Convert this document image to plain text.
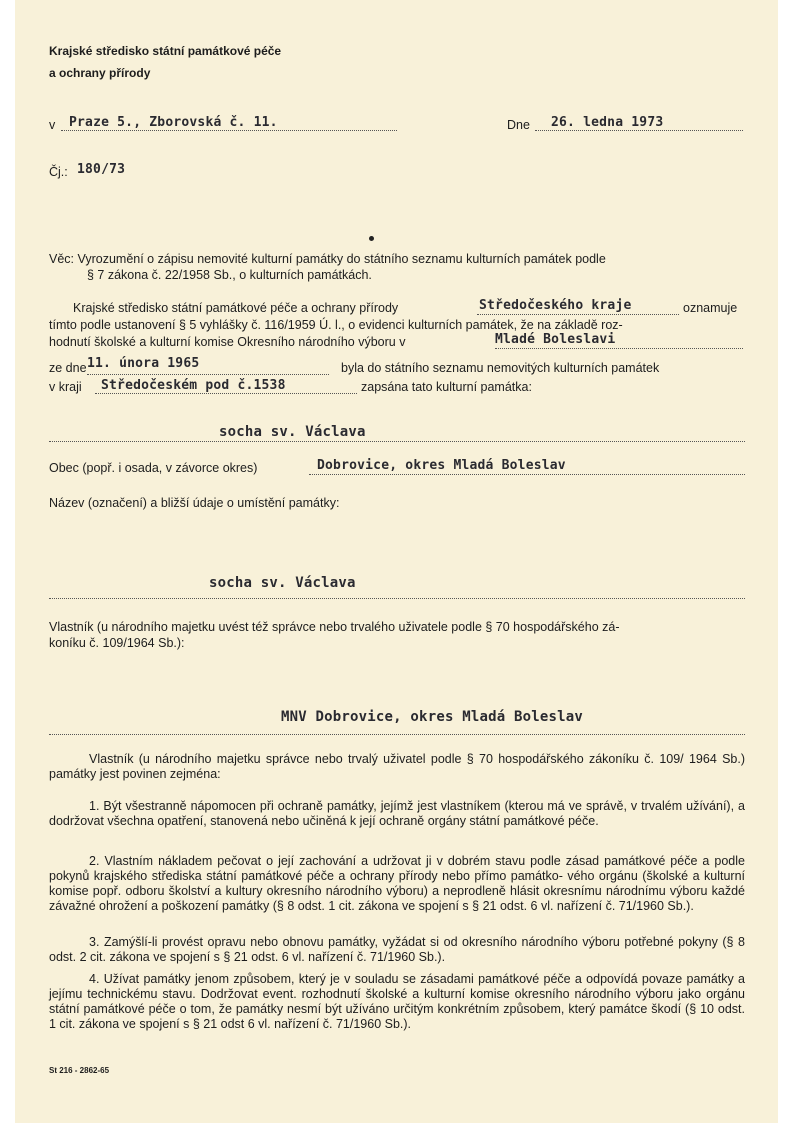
Krajské středisko státní památkové péče
a ochrany přírody
v Praze 5., Zborovská č. 11.	Dne 26. ledna 1973
Čj.: 180/73
Věc: Vyrozumění o zápisu nemovité kulturní památky do státního seznamu kulturních památek podle
§ 7 zákona č. 22/1958 Sb., o kulturních památkách.
Krajské středisko státní památkové péče a ochrany přírody	Středočeského kraje	oznamuje
tímto podle ustanovení § 5 vyhlášky č. 116/1959 Ú. l., o evidenci kulturních památek, že na základě roz-
hodnutí školské a kulturní komise Okresního národního výboru v	Mladé Boleslavi
ze dne 11. února 1965	byla do státního seznamu nemovitých kulturních památek
v kraji Středočeském pod č.1538	zapsána tato kulturní památka:
socha sv. Václava
Obec (popř. i osada, v závorce okres)	Dobrovice, okres Mladá Boleslav
Název (označení) a bližší údaje o umístění památky:
socha sv. Václava
Vlastník (u národního majetku uvést též správce nebo trvalého uživatele podle § 70 hospodářského zá-
koníku č. 109/1964 Sb.):
MNV Dobrovice, okres Mladá Boleslav
Vlastník (u národního majetku správce nebo trvalý uživatel podle § 70 hospodářského zákoníku č. 109/ 1964 Sb.) památky jest povinen zejména:
1. Být všestranně nápomocen při ochraně památky, jejímž jest vlastníkem (kterou má ve správě, v trvalém užívání), a dodržovat všechna opatření, stanovená nebo učiněná k její ochraně orgány státní památkové péče.
2. Vlastním nákladem pečovat o její zachování a udržovat ji v dobrém stavu podle zásad památkové péče a podle pokynů krajského střediska státní památkové péče a ochrany přírody nebo přímo památko- vého orgánu (školské a kulturní komise popř. odboru školství a kultury okresního národního výboru) a neprodleně hlásit okresnímu národnímu výboru každé závažné ohrožení a poškození památky (§ 8 odst. 1 cit. zákona ve spojení s § 21 odst. 6 vl. nařízení č. 71/1960 Sb.).
3. Zamýšlí-li provést opravu nebo obnovu památky, vyžádat si od okresního národního výboru potřebné pokyny (§ 8 odst. 2 cit. zákona ve spojení s § 21 odst. 6 vl. nařízení č. 71/1960 Sb.).
4. Užívat památky jenom způsobem, který je v souladu se zásadami památkové péče a odpovídá povaze památky a jejímu technickému stavu. Dodržovat event. rozhodnutí školské a kulturní komise okresního národního výboru jako orgánu státní památkové péče o tom, že památky nesmí být užíváno určitým konkrétním způsobem, který památce škodí (§ 10 odst. 1 cit. zákona ve spojení s § 21 odst 6 vl. nařízení č. 71/1960 Sb.).
St 216 - 2862-65
